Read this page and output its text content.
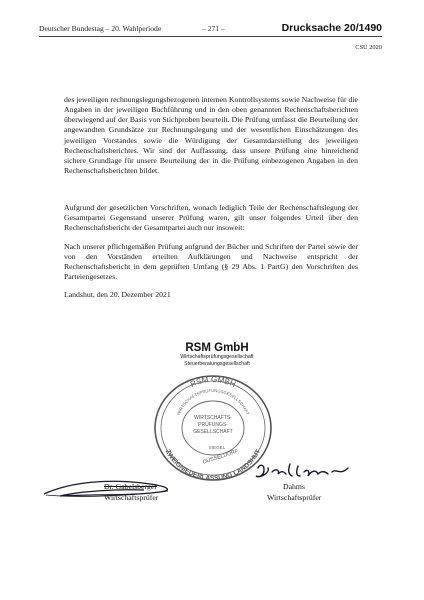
Deutscher Bundestag – 20. Wahlperiode	– 271 –	Drucksache 20/1490
CSU 2020

des jeweiligen rechnungslegungsbezogenen internen Kontrollsystems sowie Nachweise für die Angaben in der jeweiligen Buchführung und in den oben genannten Rechenschaftsberichten überwiegend auf der Basis von Stichproben beurteilt. Die Prüfung umfasst die Beurteilung der angewandten Grundsätze zur Rechnungslegung und der wesentlichen Einschätzungen des jeweiligen Vorstandes sowie die Würdigung der Gesamtdarstellung des jeweiligen Rechenschaftsberichtes. Wir sind der Auffassung, dass unsere Prüfung eine hinreichend sichere Grundlage für unsere Beurteilung der in die Prüfung einbezogenen Angaben in den Rechenschaftsberichten bildet.

Aufgrund der gesetzlichen Vorschriften, wonach lediglich Teile der Rechenschaftslegung der Gesamtpartei Gegenstand unserer Prüfung waren, gilt unser folgendes Urteil über den Rechenschaftsbericht der Gesamtpartei auch nur insoweit:

Nach unserer pflichtgemäßen Prüfung aufgrund der Bücher und Schriften der Partei sowie der von den Vorständen erteilten Aufklärungen und Nachweise entspricht der Rechenschaftsbericht in dem geprüften Umfang (§ 29 Abs. 1 PartG) den Vorschriften des Parteiengesetzes.

Landshut, den 20. Dezember 2021
RSM GmbH
Wirtschaftsprüfungsgesellschaft
Steuerberatungsgesellschaft
RSM GMBH
ZWEIGNIEDERLASSUNG LANDSHUT
WIRTSCHAFTSPRÜFUNGSGESELLSCHAFT
WIRTSCHAFTS-
PRÜFUNGS-
GESELLSCHAFT
SIEGEL
DÜSSELDORF
Dr. Gabelsberger
Wirtschaftsprüfer
Dahms
Wirtschaftsprüfer
